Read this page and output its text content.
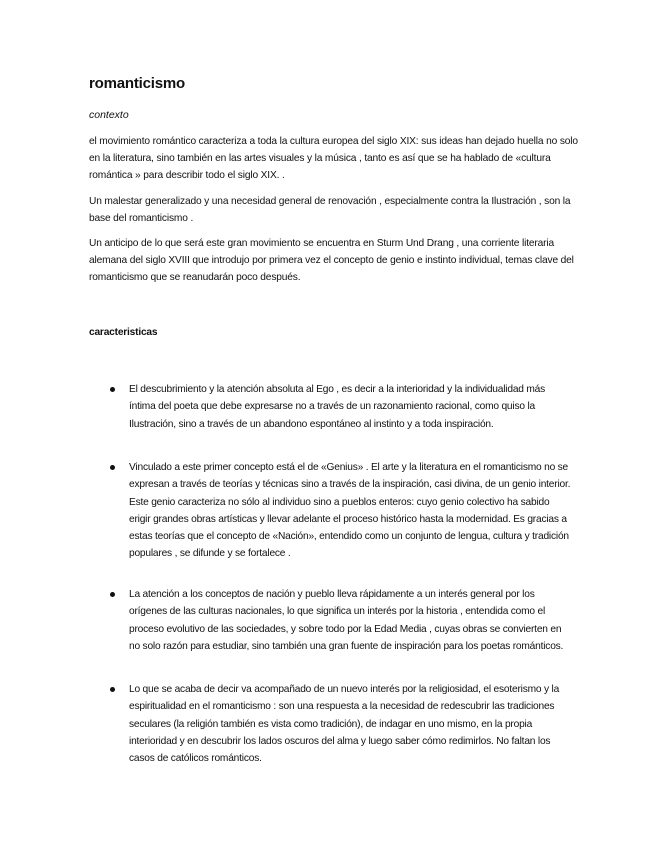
romanticismo

contexto

el movimiento romántico caracteriza a toda la cultura europea del siglo XIX: sus ideas han dejado huella no solo en la literatura, sino también en las artes visuales y la música , tanto es así que se ha hablado de «cultura romántica » para describir todo el siglo XIX. .

Un malestar generalizado y una necesidad general de renovación , especialmente contra la Ilustración , son la base del romanticismo .

Un anticipo de lo que será este gran movimiento se encuentra en Sturm Und Drang , una corriente literaria alemana del siglo XVIII que introdujo por primera vez el concepto de genio e instinto individual, temas clave del romanticismo que se reanudarán poco después.

caracteristicas

El descubrimiento y la atención absoluta al Ego , es decir a la interioridad y la individualidad más íntima del poeta que debe expresarse no a través de un razonamiento racional, como quiso la Ilustración, sino a través de un abandono espontáneo al instinto y a toda inspiración.
Vinculado a este primer concepto está el de «Genius» . El arte y la literatura en el romanticismo no se expresan a través de teorías y técnicas sino a través de la inspiración, casi divina, de un genio interior. Este genio caracteriza no sólo al individuo sino a pueblos enteros: cuyo genio colectivo ha sabido erigir grandes obras artísticas y llevar adelante el proceso histórico hasta la modernidad. Es gracias a estas teorías que el concepto de «Nación», entendido como un conjunto de lengua, cultura y tradición populares , se difunde y se fortalece .
La atención a los conceptos de nación y pueblo lleva rápidamente a un interés general por los orígenes de las culturas nacionales, lo que significa un interés por la historia , entendida como el proceso evolutivo de las sociedades, y sobre todo por la Edad Media , cuyas obras se convierten en no solo razón para estudiar, sino también una gran fuente de inspiración para los poetas románticos.
Lo que se acaba de decir va acompañado de un nuevo interés por la religiosidad, el esoterismo y la espiritualidad en el romanticismo : son una respuesta a la necesidad de redescubrir las tradiciones seculares (la religión también es vista como tradición), de indagar en uno mismo, en la propia interioridad y en descubrir los lados oscuros del alma y luego saber cómo redimirlos. No faltan los casos de católicos románticos.
